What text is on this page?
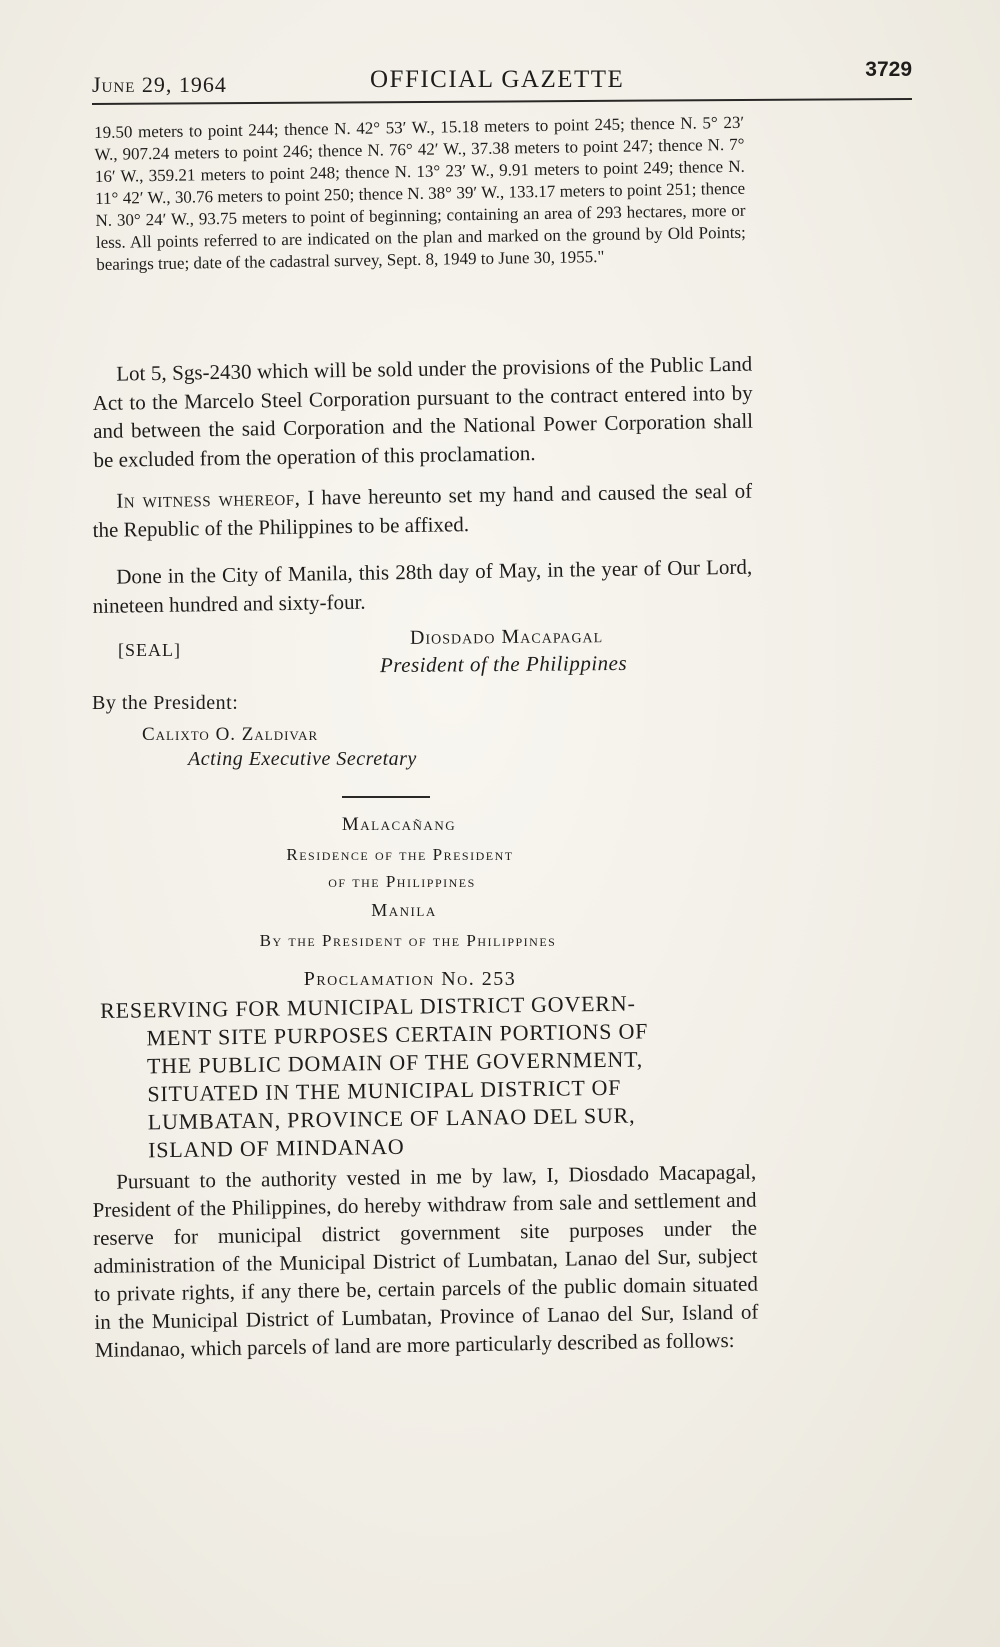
June 29, 1964	OFFICIAL GAZETTE	3729

19.50 meters to point 244; thence N. 42° 53′ W., 15.18 meters to point 245; thence N. 5° 23′ W., 907.24 meters to point 246; thence N. 76° 42′ W., 37.38 meters to point 247; thence N. 7° 16′ W., 359.21 meters to point 248; thence N. 13° 23′ W., 9.91 meters to point 249; thence N. 11° 42′ W., 30.76 meters to point 250; thence N. 38° 39′ W., 133.17 meters to point 251; thence N. 30° 24′ W., 93.75 meters to point of beginning; containing an area of 293 hectares, more or less. All points referred to are indicated on the plan and marked on the ground by Old Points; bearings true; date of the cadastral survey, Sept. 8, 1949 to June 30, 1955."

Lot 5, Sgs-2430 which will be sold under the provisions of the Public Land Act to the Marcelo Steel Corporation pursuant to the contract entered into by and between the said Corporation and the National Power Corporation shall be excluded from the operation of this proclamation.

In witness whereof, I have hereunto set my hand and caused the seal of the Republic of the Philippines to be affixed.

Done in the City of Manila, this 28th day of May, in the year of Our Lord, nineteen hundred and sixty-four.

[SEAL]
Diosdado Macapagal
President of the Philippines
By the President:
Calixto O. Zaldivar
Acting Executive Secretary
Malacañang
Residence of the President
of the Philippines
Manila
By the President of the Philippines
Proclamation No. 253
RESERVING FOR MUNICIPAL DISTRICT GOVERN-
MENT SITE PURPOSES CERTAIN PORTIONS OF
THE PUBLIC DOMAIN OF THE GOVERNMENT,
SITUATED IN THE MUNICIPAL DISTRICT OF
LUMBATAN, PROVINCE OF LANAO DEL SUR,
ISLAND OF MINDANAO

Pursuant to the authority vested in me by law, I, Diosdado Macapagal, President of the Philippines, do hereby withdraw from sale and settlement and reserve for municipal district government site purposes under the administration of the Municipal District of Lumbatan, Lanao del Sur, subject to private rights, if any there be, certain parcels of the public domain situated in the Municipal District of Lumbatan, Province of Lanao del Sur, Island of Mindanao, which parcels of land are more particularly described as follows:
